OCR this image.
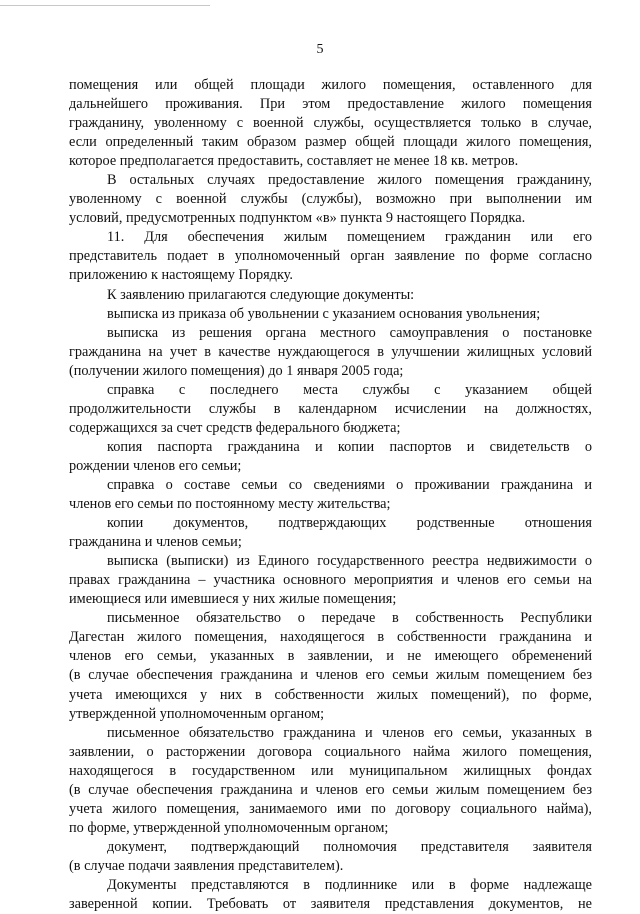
5

помещения или общей площади жилого помещения, оставленного для

дальнейшего проживания. При этом предоставление жилого помещения

гражданину, уволенному с военной службы, осуществляется только в случае,

если определенный таким образом размер общей площади жилого помещения,

которое предполагается предоставить, составляет не менее 18 кв. метров.

В остальных случаях предоставление жилого помещения гражданину,

уволенному с военной службы (службы), возможно при выполнении им

условий, предусмотренных подпунктом «в» пункта 9 настоящего Порядка.

11. Для обеспечения жилым помещением гражданин или его

представитель подает в уполномоченный орган заявление по форме согласно

приложению к настоящему Порядку.

К заявлению прилагаются следующие документы:

выписка из приказа об увольнении с указанием основания увольнения;

выписка из решения органа местного самоуправления о постановке

гражданина на учет в качестве нуждающегося в улучшении жилищных условий

(получении жилого помещения) до 1 января 2005 года;

справка с последнего места службы с указанием общей

продолжительности службы в календарном исчислении на должностях,

содержащихся за счет средств федерального бюджета;

копия паспорта гражданина и копии паспортов и свидетельств о

рождении членов его семьи;

справка о составе семьи со сведениями о проживании гражданина и

членов его семьи по постоянному месту жительства;

копии документов, подтверждающих родственные отношения

гражданина и членов семьи;

выписка (выписки) из Единого государственного реестра недвижимости о

правах гражданина – участника основного мероприятия и членов его семьи на

имеющиеся или имевшиеся у них жилые помещения;

письменное обязательство о передаче в собственность Республики

Дагестан жилого помещения, находящегося в собственности гражданина и

членов его семьи, указанных в заявлении, и не имеющего обременений

(в случае обеспечения гражданина и членов его семьи жилым помещением без

учета имеющихся у них в собственности жилых помещений), по форме,

утвержденной уполномоченным органом;

письменное обязательство гражданина и членов его семьи, указанных в

заявлении, о расторжении договора социального найма жилого помещения,

находящегося в государственном или муниципальном жилищных фондах

(в случае обеспечения гражданина и членов его семьи жилым помещением без

учета жилого помещения, занимаемого ими по договору социального найма),

по форме, утвержденной уполномоченным органом;

документ, подтверждающий полномочия представителя заявителя

(в случае подачи заявления представителем).

Документы представляются в подлиннике или в форме надлежаще

заверенной копии. Требовать от заявителя представления документов, не
